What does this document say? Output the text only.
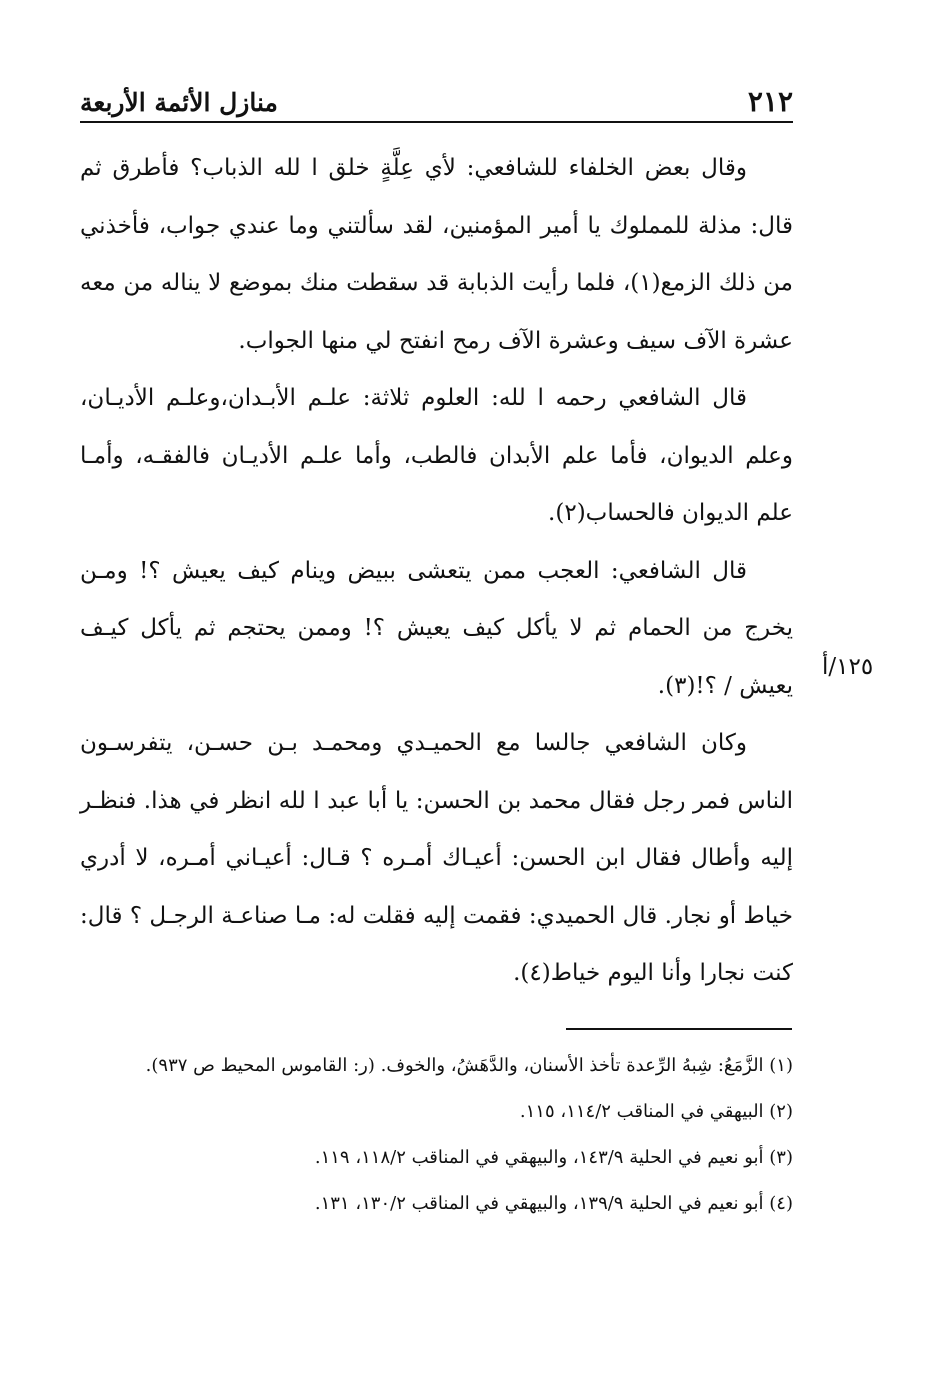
٢١٢
منازل الأئمة الأربعة
١٢٥/أ

وقال بعض الخلفاء للشافعي: لأي عِلَّةٍ خلق ا لله الذباب؟ فأطرق ثم قال: مذلة للمملوك يا أمير المؤمنين، لقد سألتني وما عندي جواب، فأخذني من ذلك الزمع(١)، فلما رأيت الذبابة قد سقطت منك بموضع لا يناله من معه عشرة الآف سيف وعشرة الآف رمح انفتح لي منها الجواب.

قال الشافعي رحمه ا لله: العلوم ثلاثة: علـم الأبـدان،وعلـم الأديـان، وعلم الديوان، فأما علم الأبدان فالطب، وأما علـم الأديـان فالفقـه، وأمـا علم الديوان فالحساب(٢).

قال الشافعي: العجب ممن يتعشى ببيض وينام كيف يعيش ؟! ومـن يخرج من الحمام ثم لا يأكل كيف يعيش ؟! وممن يحتجم ثم يأكل كيـف يعيش / ؟!(٣).

وكان الشافعي جالسا مع الحميـدي ومحمـد بـن حسـن، يتفرسـون الناس فمر رجل فقال محمد بن الحسن: يا أبا عبد ا لله انظر في هذا. فنظـر إليه وأطال فقال ابن الحسن: أعيـاك أمـره ؟ قـال: أعيـاني أمـره، لا أدري خياط أو نجار. قال الحميدي: فقمت إليه فقلت له: مـا صناعـة الرجـل ؟ قال: كنت نجارا وأنا اليوم خياط(٤).

(١) الزَّمَعُ: شِبهُ الرِّعدة تأخذ الأسنان، والدَّهَشُ، والخوف. (ر: القاموس المحيط ص ٩٣٧).

(٢) البيهقي في المناقب ١١٤/٢، ١١٥.

(٣) أبو نعيم في الحلية ١٤٣/٩، والبيهقي في المناقب ١١٨/٢، ١١٩.

(٤) أبو نعيم في الحلية ١٣٩/٩، والبيهقي في المناقب ١٣٠/٢، ١٣١.
